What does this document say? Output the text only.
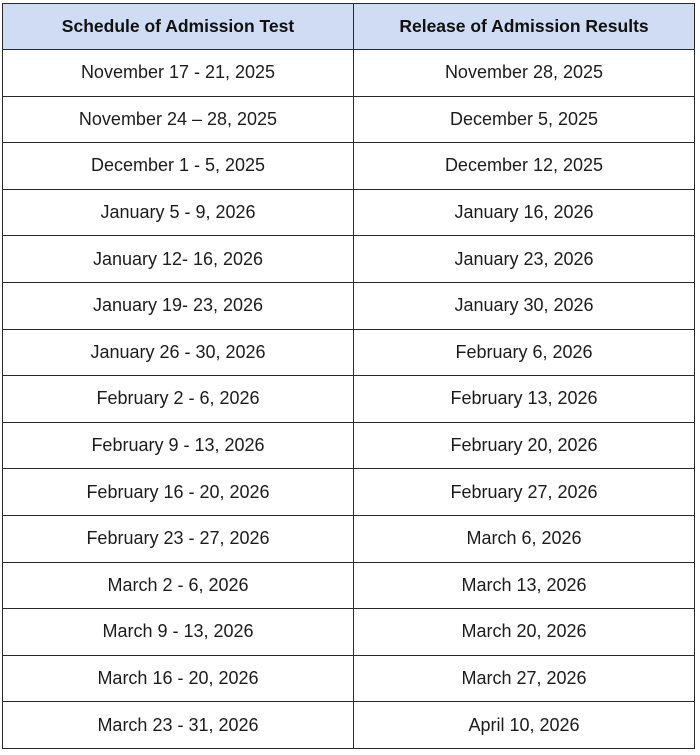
Schedule of Admission Test	Release of Admission Results
November 17 - 21, 2025	November 28, 2025
November 24 – 28, 2025	December 5, 2025
December 1 - 5, 2025	December 12, 2025
January 5 - 9, 2026	January 16, 2026
January 12- 16, 2026	January 23, 2026
January 19- 23, 2026	January 30, 2026
January 26 - 30, 2026	February 6, 2026
February 2 - 6, 2026	February 13, 2026
February 9 - 13, 2026	February 20, 2026
February 16 - 20, 2026	February 27, 2026
February 23 - 27, 2026	March 6, 2026
March 2 - 6, 2026	March 13, 2026
March 9 - 13, 2026	March 20, 2026
March 16 - 20, 2026	March 27, 2026
March 23 - 31, 2026	April 10, 2026
